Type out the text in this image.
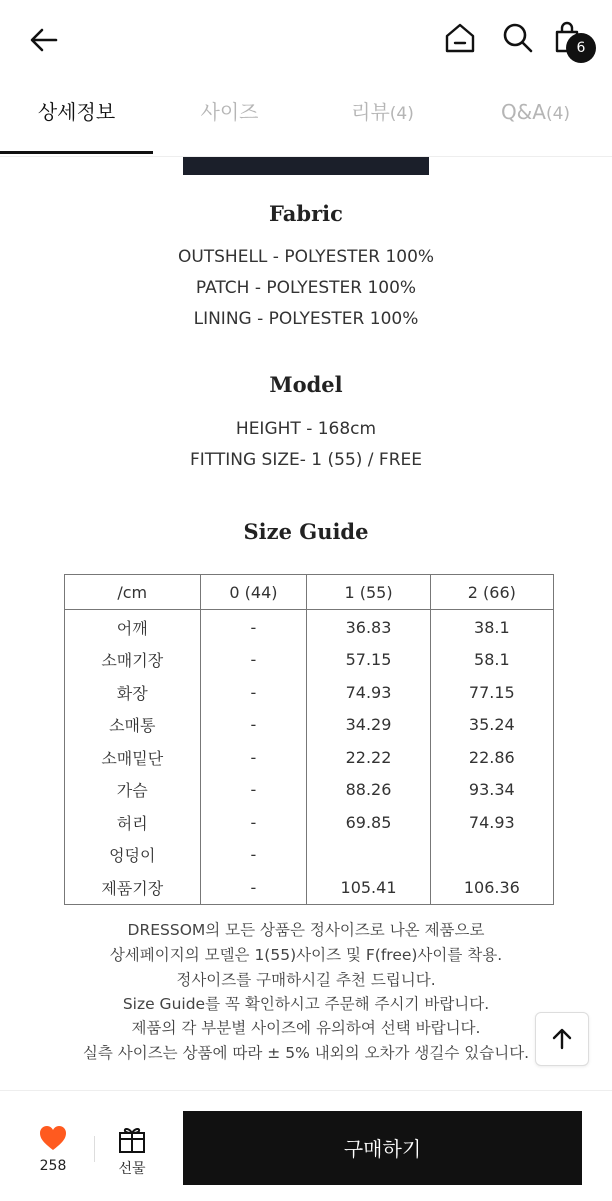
6
상세정보	사이즈	리뷰(4)	Q&A(4)
Fabric
OUTSHELL - POLYESTER 100%
PATCH - POLYESTER 100%
LINING - POLYESTER 100%
Model
HEIGHT - 168cm
FITTING SIZE- 1 (55) / FREE
Size Guide
/cm	0 (44)	1 (55)	2 (66)
어깨	-	36.83	38.1
소매기장	-	57.15	58.1
화장	-	74.93	77.15
소매통	-	34.29	35.24
소매밑단	-	22.22	22.86
가슴	-	88.26	93.34
허리	-	69.85	74.93
엉덩이	-		
제품기장	-	105.41	106.36
DRESSOM의 모든 상품은 정사이즈로 나온 제품으로
상세페이지의 모델은 1(55)사이즈 및 F(free)사이를 착용.
정사이즈를 구매하시길 추천 드립니다.
Size Guide를 꼭 확인하시고 주문해 주시기 바랍니다.
제품의 각 부분별 사이즈에 유의하여 선택 바랍니다.
실측 사이즈는 상품에 따라 ± 5% 내외의 오차가 생길수 있습니다.
258	선물
구매하기
